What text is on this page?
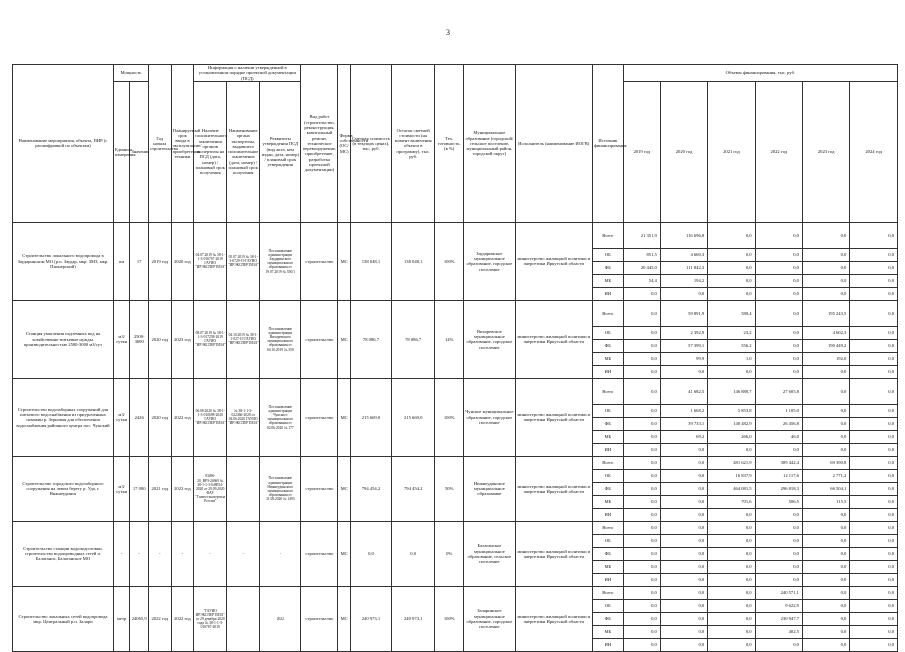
3
Наименование мероприятия, объекта, ПИР (с расшифровкой по объектам)	Мощность		Год начала строительства	Планируемый срок ввода в эксплуатацию/приобретения техники	Информация о наличии утвержденной в установленном порядке проектной документации (ПСД)			Вид работ (строительство, реконструкция, капитальный ремонт, техническое перевооружение, приобретение, разработка проектной документации)	Форма собственности (ОС/МС)	Сметная стоимость (в текущих ценах), тыс. руб.	Остаток сметной стоимости (на момент включения объекта в программу), тыс. руб.	Тех. готовность, (в %)	Муниципальное образование (городской/сельское поселение, муниципальный район, городской округ)	Исполнитель (наименование ИОГВ)	Источник финансирования	Объемы финансирования, тыс. руб.					
	Единица измерения	Значение			Наличие положительного заключения органов экспертизы на ПСД (дата, номер) / плановый срок получения	Наименование органа экспертизы, выдавшего положительное заключение (дата, номер) / плановый срок получения	Реквизиты утверждения ПСД (вид акта, кем издан, дата, номер) / плановый срок утверждения									2019 год	2020 год	2021 год	2022 год	2023 год	2024 год
Строительство локального водопровода в Заударинском МО (р.п. Заудар, мкр. ЗМЗ, мкр. Пионерский)	км	17	2019 год	2020 год	04.07.2019 № 38-1-1-3-016767-2019 ГАУИО "ИРЭКСПЕРТИЗА"	05.07.2019 № 38-1-3-0729-19 ГАУИО "ИРЭКСПЕРТИЗА"	Постановление администрации Заударинского муниципального образования от 19.07.2019 № 550/1	строительство	МС	138 048,1	138 048,1	100%	Заударинское муниципальное образование, городское поселение	министерство жилищной политики и энергетики Иркутской области	Всего	21 351,9	116 696,8	0,0	0,0	0,0	0,0
															ОБ	851,5	4 660,3	0,0	0,0	0,0	0,0
															ФБ	20 445,0	111 842,3	0,0	0,0	0,0	0,0
															МБ	54,4	194,2	0,0	0,0	0,0	0,0
															ИИ	0,0	0,0	0,0	0,0	0,0	0,0
Станция умягчения подземных вод на хозяйственно-питьевые нужды, производительностью 2500-3000 м3/сут	м3/сутки	2500-3000	2020 год	2023 год	08.07.2019 № 38-1-1-3-017258-2019 ГАУИО "ИРЭКСПЕРТИЗА"	04.10.2019 № 38-1-1-027-19 ГАУИО "ИРЭКСПЕРТИЗА"	Постановление администрации Вихоревского муниципального образования от 04.10.2019 № 350	строительство	МС	78 086,7	78 086,7	14%	Вихоревское муниципальное образование, городское поселение	министерство жилищной политики и энергетики Иркутской области	Всего	0,0	59 891,9	580,4	0,0	195 243,5	0,0
															ОБ	0,0	2 392,9	23,2	0,0	4 602,3	0,0
															ФБ	0,0	57 399,1	556,2	0,0	190 449,2	0,0
															МБ	0,0	99,9	1,0	0,0	192,0	0,0
															ИИ	0,0	0,0	0,0	0,0	0,0	0,0
Строительство водозаборных сооружений для питьевого водоснабжения из приуроченных скважин р. Зерновая для обеспечения водоснабжения районного центра пос. Чунский	м3/сутки	2426	2020 год	2022 год	06.08.2020 № 38-1-1-3-010698-2020 ГАУИО "ИРЭКСПЕРТИЗА"	№ 38-1-1-3-022466-2020 от 04.06.2020 ГАУИО "ИРЭКСПЕРТИЗА"	Постановление администрации Чунского муниципального образования от 02.06.2020 № 177	строительство	МС	215 669,0	215 669,0	100%	Чунское муниципальное образование, городское поселение	министерство жилищной политики и энергетики Иркутской области	Всего	0,0	41 682,5	146 880,7	27 605,8	0,0	0,0
															ОБ	0,0	1 668,2	5 853,8	1 105,0	0,0	0,0
															ФБ	0,0	39 733,1	140 482,9	26 456,8	0,0	0,0
															МБ	0,0	69,2	266,0	46,0	0,0	0,0
															ИИ	0,0	0,0	0,0	0,0	0,0	0,0
Строительство городского водозаборного сооружения на левом берегу р. Уда, г. Нижнеудинск	м3/сутки	17 000	2021 год	2023 год	03496-20_ВРЗ-24669 № 38-1-1-3-048054-2020 от 29.09.2020 ФАУ "Главгосэкспертиза России"		Постановление администрации Нижнеудинского муниципального образования от 31.08.2020 № 1493	строительство	МС	794 454,2	794 454,2	50%	Нижнеудинское муниципальное образование	министерство жилищной политики и энергетики Иркутской области	Всего	0,0	0,0	481 621,9	309 442,4	69 390,8	0,0
															ОБ	0,0	0,0	16 837,9	12 117,6	2 771,2	0,0
															ФБ	0,0	0,0	464 081,5	296 818,3	66 504,1	0,0
															МБ	0,0	0,0	701,6	506,5	115,5	0,0
															ИИ	0,0	0,0	0,0	0,0	0,0	0,0
Строительство станции водоподготовки, строительство водопроводных сетей п. Балаганск, Балаганское МО	-	-	-	-	-	-	-	строительство	МС	0,0	0,0	0%	Балаганское муниципальное образование, сельское поселение	министерство жилищной политики и энергетики Иркутской области	Всего	0,0	0,0	0,0	0,0	0,0	0,0
															ОБ	0,0	0,0	0,0	0,0	0,0	0,0
															ФБ	0,0	0,0	0,0	0,0	0,0	0,0
															МБ	0,0	0,0	0,0	0,0	0,0	0,0
															ИИ	0,0	0,0	0,0	0,0	0,0	0,0
Строительство локальных сетей водопровода мкр. Центральный р.п. Залари	метр	24065,9	2022 год	2022 год	"ГАУИО ИРЭКСПЕРТИЗА" от 29 декабря 2020 года № 38-1-1-3-016767-2019		2022	строительство	МС	240 973,1	240 973,1	100%	Заларинское муниципальное образование, городское поселение	министерство жилищной политики и энергетики Иркутской области	Всего	0,0	0,0	0,0	240 571,1	0,0	0,0
															ОБ	0,0	0,0	0,0	9 622,9	0,0	0,0
															ФБ	0,0	0,0	0,0	230 947,7	0,0	0,0
															МБ	0,0	0,0	0,0	402,5	0,0	0,0
															ИИ	0,0	0,0	0,0	0,0	0,0	0,0
